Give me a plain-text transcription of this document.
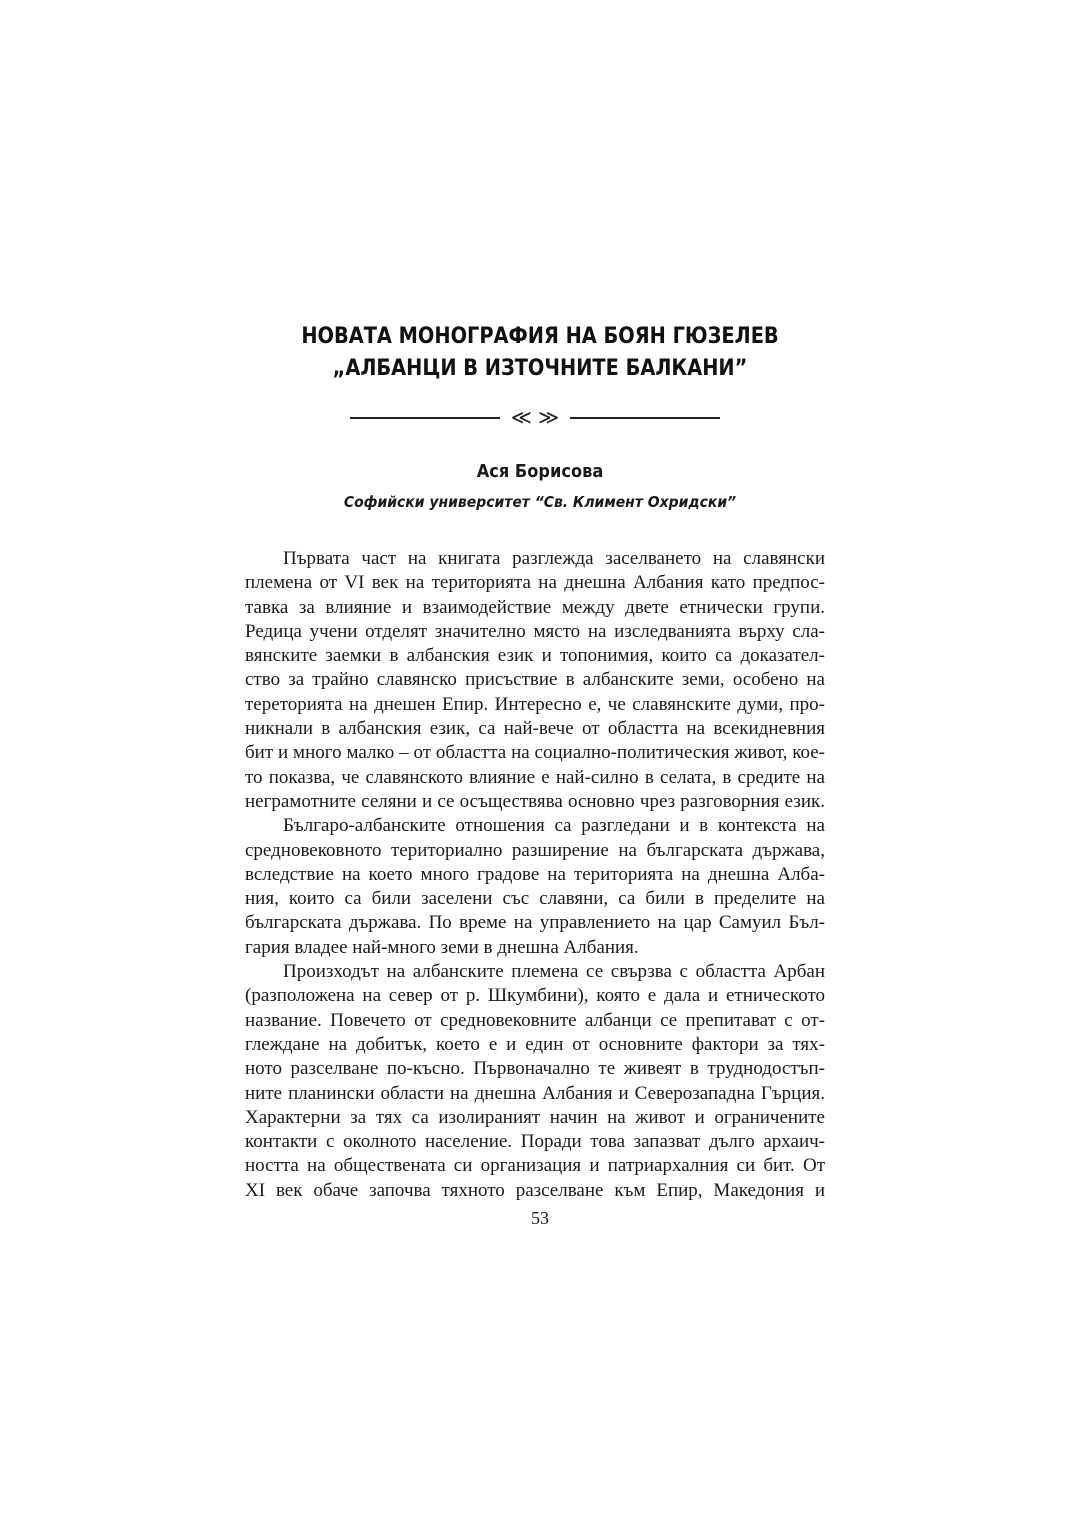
НОВАТА МОНОГРАФИЯ НА БОЯН ГЮЗЕЛЕВ
„АЛБАНЦИ В ИЗТОЧНИТЕ БАЛКАНИ”
≪ ≫
Ася Борисова
Софийски университет “Св. Климент Охридски”
Първата част на книгата разглежда заселването на славянски
племена от VI век на територията на днешна Албания като предпос-
тавка за влияние и взаимодействие между двете етнически групи.
Редица учени отделят значително място на изследванията върху сла-
вянските заемки в албанския език и топонимия, които са доказател-
ство за трайно славянско присъствие в албанските земи, особено на
тереторията на днешен Епир. Интересно е, че славянските думи, про-
никнали в албанския език, са най-вече от областта на всекидневния
бит и много малко – от областта на социално-политическия живот, кое-
то показва, че славянското влияние е най-силно в селата, в средите на
неграмотните селяни и се осъществява основно чрез разговорния език.
Българо-албанските отношения са разгледани и в контекста на
средновековното териториално разширение на българската държава,
вследствие на което много градове на територията на днешна Алба-
ния, които са били заселени със славяни, са били в пределите на
българската държава. По време на управлението на цар Самуил Бъл-
гария владее най-много земи в днешна Албания.
Произходът на албанските племена се свързва с областта Арбан
(разположена на север от р. Шкумбини), която е дала и етническото
название. Повечето от средновековните албанци се препитават с от-
глеждане на добитък, което е и един от основните фактори за тях-
ното разселване по-късно. Първоначално те живеят в труднодостъп-
ните планински области на днешна Албания и Северозападна Гърция.
Характерни за тях са изолираният начин на живот и ограничените
контакти с околното население. Поради това запазват дълго архаич-
ността на обществената си организация и патриархалния си бит. От
XI век обаче започва тяхното разселване към Епир, Македония и
53
